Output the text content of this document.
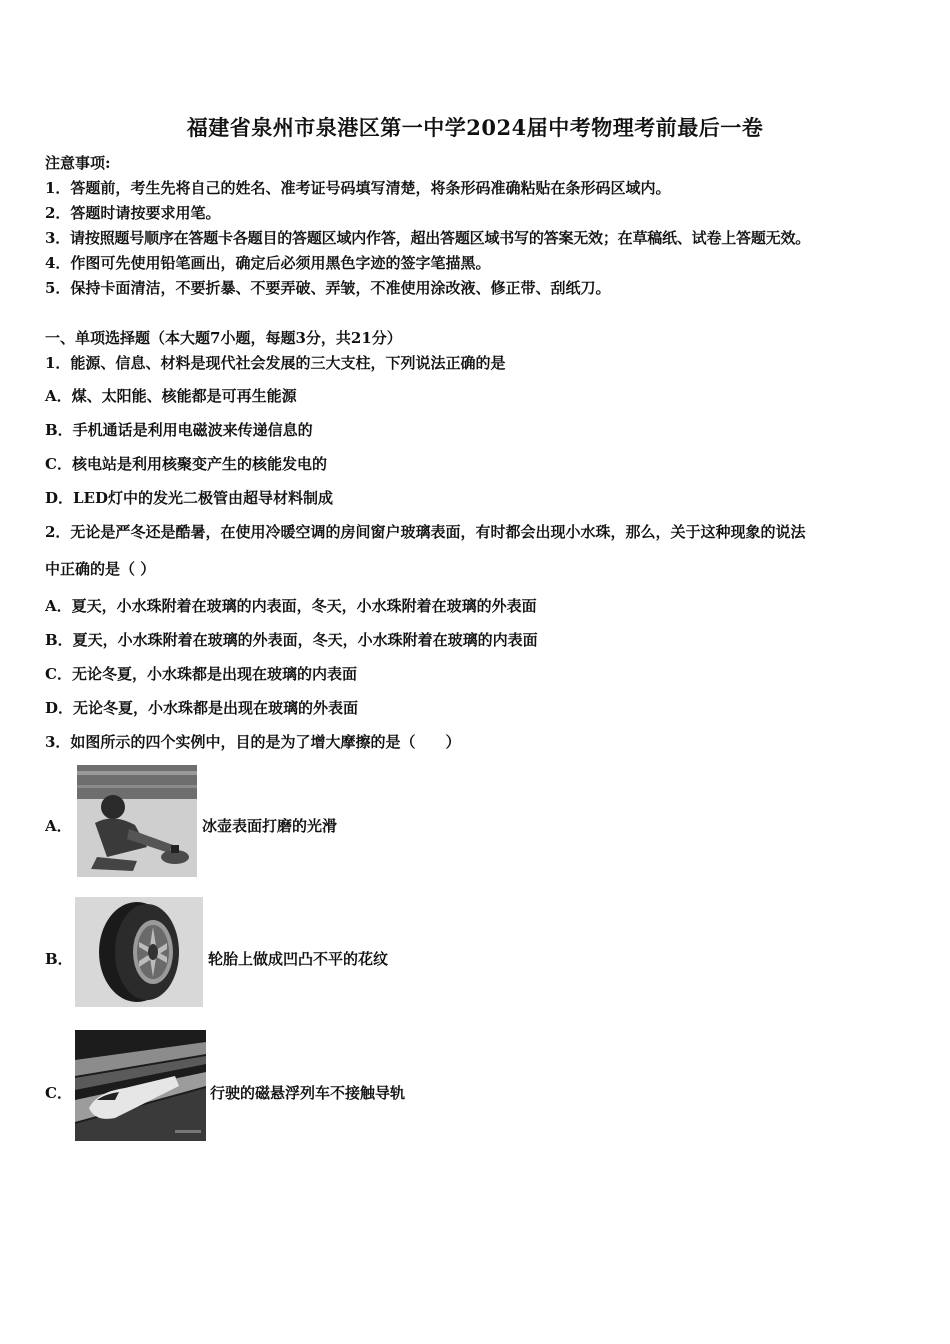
福建省泉州市泉港区第一中学2024届中考物理考前最后一卷
注意事项:
1．答题前，考生先将自己的姓名、准考证号码填写清楚，将条形码准确粘贴在条形码区域内。
2．答题时请按要求用笔。
3．请按照题号顺序在答题卡各题目的答题区域内作答，超出答题区域书写的答案无效；在草稿纸、试卷上答题无效。
4．作图可先使用铅笔画出，确定后必须用黑色字迹的签字笔描黑。
5．保持卡面清洁，不要折暴、不要弄破、弄皱，不准使用涂改液、修正带、刮纸刀。
一、单项选择题（本大题7小题，每题3分，共21分）
1．能源、信息、材料是现代社会发展的三大支柱，下列说法正确的是
A．煤、太阳能、核能都是可再生能源
B．手机通话是利用电磁波来传递信息的
C．核电站是利用核聚变产生的核能发电的
D．LED灯中的发光二极管由超导材料制成
2．无论是严冬还是酷暑，在使用冷暖空调的房间窗户玻璃表面，有时都会出现小水珠，那么，关于这种现象的说法
中正确的是（ ）
A．夏天，小水珠附着在玻璃的内表面，冬天，小水珠附着在玻璃的外表面
B．夏天，小水珠附着在玻璃的外表面，冬天，小水珠附着在玻璃的内表面
C．无论冬夏，小水珠都是出现在玻璃的内表面
D．无论冬夏，小水珠都是出现在玻璃的外表面
3．如图所示的四个实例中，目的是为了增大摩擦的是（　　）
A．	冰壶表面打磨的光滑
B．	轮胎上做成凹凸不平的花纹
C．	行驶的磁悬浮列车不接触导轨
